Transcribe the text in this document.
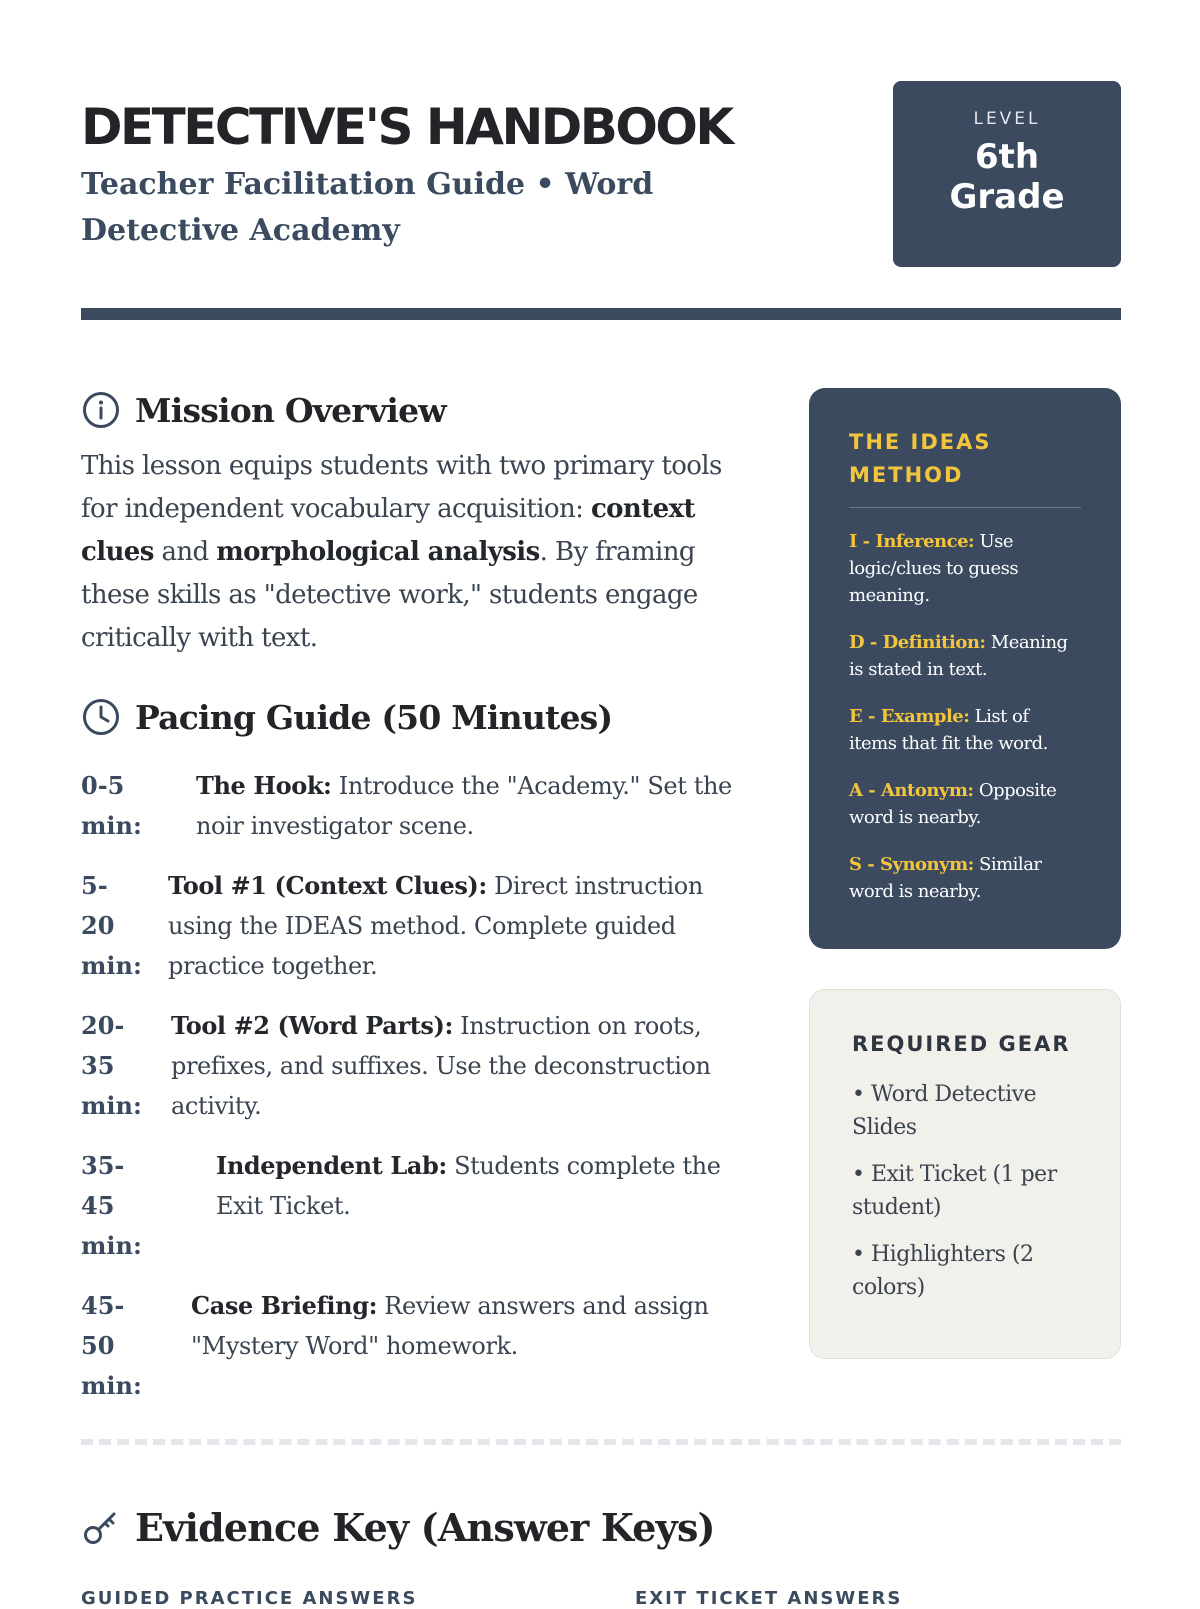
DETECTIVE'S HANDBOOK

Teacher Facilitation Guide • Word Detective Academy

LEVEL
6th Grade
Mission Overview

This lesson equips students with two primary tools for independent vocabulary acquisition: context clues and morphological analysis. By framing these skills as "detective work," students engage critically with text.

Pacing Guide (50 Minutes)
0-5 min:
The Hook: Introduce the "Academy." Set the noir investigator scene.
5-20 min:
Tool #1 (Context Clues): Direct instruction using the IDEAS method. Complete guided practice together.
20-35 min:
Tool #2 (Word Parts): Instruction on roots, prefixes, and suffixes. Use the deconstruction activity.
35-45 min:
Independent Lab: Students complete the Exit Ticket.
45-50 min:
Case Briefing: Review answers and assign "Mystery Word" homework.
THE IDEAS METHOD
I - Inference: Use logic/clues to guess meaning.
D - Definition: Meaning is stated in text.
E - Example: List of items that fit the word.
A - Antonym: Opposite word is nearby.
S - Synonym: Similar word is nearby.
REQUIRED GEAR
• Word Detective Slides
• Exit Ticket (1 per student)
• Highlighters (2 colors)
Evidence Key (Answer Keys)
GUIDED PRACTICE ANSWERS	EXIT TICKET ANSWERS
